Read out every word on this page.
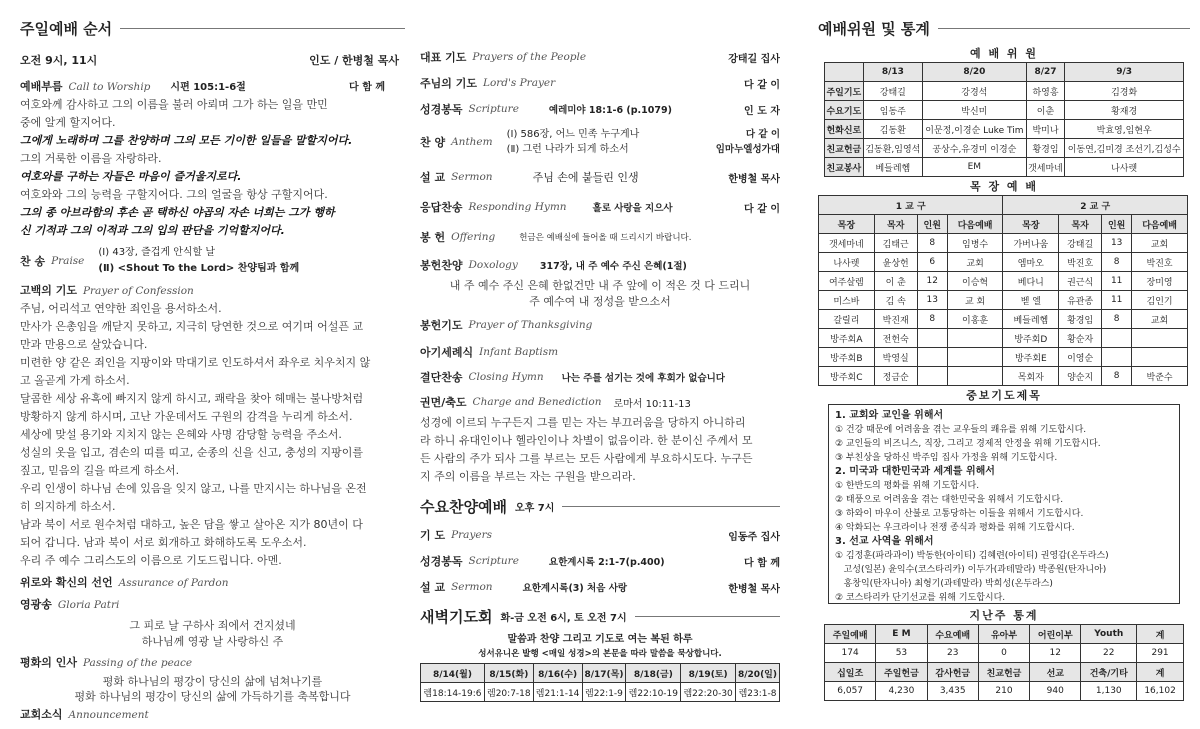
주일예배 순서
오전 9시, 11시	인도 / 한병철 목사
예배부름 Call to Worship 시편 105:1-6절	다 함 께
여호와께 감사하고 그의 이름을 불러 아뢰며 그가 하는 일을 만민
중에 알게 할지어다.
그에게 노래하며 그를 찬양하며 그의 모든 기이한 일들을 말할지어다.
그의 거룩한 이름을 자랑하라.
여호와를 구하는 자들은 마음이 즐거울지로다.
여호와와 그의 능력을 구할지어다. 그의 얼굴을 항상 구할지어다.
그의 종 아브라함의 후손 곧 택하신 야곱의 자손 너희는 그가 행하
신 기적과 그의 이적과 그의 입의 판단을 기억할지어다.
찬 송 Praise
(Ⅰ) 43장, 즐겁게 안식할 날
(Ⅱ) <Shout To the Lord> 찬양팀과 함께
고백의 기도 Prayer of Confession
주님, 어리석고 연약한 죄인을 용서하소서.
만사가 은총임을 깨닫지 못하고, 지극히 당연한 것으로 여기며 어설픈 교
만과 만용으로 살았습니다.
미련한 양 같은 죄인을 지팡이와 막대기로 인도하셔서 좌우로 치우치지 않
고 올곧게 가게 하소서.
달콤한 세상 유혹에 빠지지 않게 하시고, 쾌락을 찾아 헤매는 불나방처럼
방황하지 않게 하시며, 고난 가운데서도 구원의 감격을 누리게 하소서.
세상에 맞설 용기와 지치지 않는 은혜와 사명 감당할 능력을 주소서.
성실의 옷을 입고, 겸손의 띠를 띠고, 순종의 신을 신고, 충성의 지팡이를
짚고, 믿음의 길을 따르게 하소서.
우리 인생이 하나님 손에 있음을 잊지 않고, 나를 만지시는 하나님을 온전
히 의지하게 하소서.
남과 북이 서로 원수처럼 대하고, 높은 담을 쌓고 살아온 지가 80년이 다
되어 갑니다. 남과 북이 서로 회개하고 화해하도록 도우소서.
우리 주 예수 그리스도의 이름으로 기도드립니다. 아멘.
위로와 확신의 선언 Assurance of Pardon
영광송 Gloria Patri
그 피로 날 구하사 죄에서 건지셨네
하나님께 영광 날 사랑하신 주
평화의 인사 Passing of the peace
평화 하나님의 평강이 당신의 삶에 넘쳐나기를
평화 하나님의 평강이 당신의 삶에 가득하기를 축복합니다
교회소식 Announcement
대표 기도 Prayers of the People	강태길 집사
주님의 기도 Lord's Prayer	다 같 이
성경봉독 Scripture	예레미야 18:1-6 (p.1079)	인 도 자
찬 양 Anthem
(Ⅰ) 586장, 어느 민족 누구게나
(Ⅱ) 그런 나라가 되게 하소서
다 같 이
임마누엘성가대
설 교 Sermon	주님 손에 붙들린 인생	한병철 목사
응답찬송 Responding Hymn	홀로 사랑을 지으사	다 같 이
봉 헌 Offering	헌금은 예배실에 들어올 때 드리시기 바랍니다.
봉헌찬양 Doxology 317장, 내 주 예수 주신 은혜(1절)
내 주 예수 주신 은혜 한없건만 내 주 앞에 이 적은 것 다 드리니
주 예수여 내 정성을 받으소서
봉헌기도 Prayer of Thanksgiving
아기세례식 Infant Baptism
결단찬송 Closing Hymn 나는 주를 섬기는 것에 후회가 없습니다
권면/축도 Charge and Benediction 로마서 10:11-13
성경에 이르되 누구든지 그를 믿는 자는 부끄러움을 당하지 아니하리
라 하니 유대인이나 헬라인이나 차별이 없음이라. 한 분이신 주께서 모
든 사람의 주가 되사 그를 부르는 모든 사람에게 부요하시도다. 누구든
지 주의 이름을 부르는 자는 구원을 받으리라.
수요찬양예배 오후 7시
기 도 Prayers	임동주 집사
성경봉독 Scripture	요한계시록 2:1-7(p.400)	다 함 께
설 교 Sermon	요한계시록(3) 처음 사랑	한병철 목사
새벽기도회 화-금 오전 6시, 토 오전 7시
말씀과 찬양 그리고 기도로 여는 복된 하루
성서유니온 발행 <매일 성경>의 본문을 따라 말씀을 묵상합니다.
8/14(월)	8/15(화)	8/16(수)	8/17(목)	8/18(금)	8/19(토)	8/20(일)
렘18:14-19:6	렘20:7-18	렘21:1-14	렘22:1-9	렘22:10-19	렘22:20-30	렘23:1-8
예배위원 및 통계
예 배 위 원
	8/13	8/20	8/27	9/3
주일기도	강태길	강경석	하영흥	김경화
수요기도	임동주	박신미	이춘	황재경
헌화신로	김동환	이문정,이경순 Luke Tim	박미나	박효영,임현우
친교헌금	김동환,임영석	공상수,유경미 이경순	황경임	이동연,김미경 조선기,김성수
친교봉사	베들레헴	EM	갯세마네	나사렛
목 장 예 배
1 교 구				2 교 구			
목장	목자	인원	다음예배	목장	목자	인원	다음예배
갯세마네	김태근	8	임병수	가버나움	강태길	13	교회
나사렛	윤상헌	6	교회	엠마오	박진호	8	박진호
여주살렘	이 춘	12	이승혁	베다니	권근식	11	장미영
미스바	김 속	13	교 회	벧 엘	유관종	11	김인기
갈릴리	박진재	8	이홍훈	베들레헴	황경임	8	교회
방주회A	전헌숙			방주회D	황순자		
방주회B	박영실			방주회E	이영순		
방주회C	정금순			목회자	양순지	8	박준수
중보기도제목
1. 교회와 교인을 위해서
① 건강 때문에 어려움을 겪는 교우들의 쾌유를 위해 기도합시다.
② 교인들의 비즈니스, 직장, 그리고 경제적 안정을 위해 기도합시다.
③ 부친상을 당하신 박주임 집사 가정을 위해 기도합시다.
2. 미국과 대한민국과 세계를 위해서
① 한반도의 평화를 위해 기도합시다.
② 태풍으로 어려움을 겪는 대한민국을 위해서 기도합시다.
③ 하와이 마우이 산불로 고통당하는 이들을 위해서 기도합시다.
④ 악화되는 우크라이나 전쟁 종식과 평화를 위해 기도합시다.
3. 선교 사역을 위해서
① 김정훈(파라과이) 박동한(아이티) 김혜련(아이티) 권영갑(온두라스)
고성(일본) 윤익수(코스타리카) 이두가(과테말라) 박종원(탄자니아)
홍창익(탄자니아) 최형기(과테말라) 박희성(온두라스)
② 코스타리카 단기선교를 위해 기도합시다.
지난주 통계
주일예배	E M	수요예배	유아부	어린이부	Youth	계
174	53	23	0	12	22	291
십일조	주일헌금	감사헌금	친교헌금	선교	건축/기타	계
6,057	4,230	3,435	210	940	1,130	16,102
